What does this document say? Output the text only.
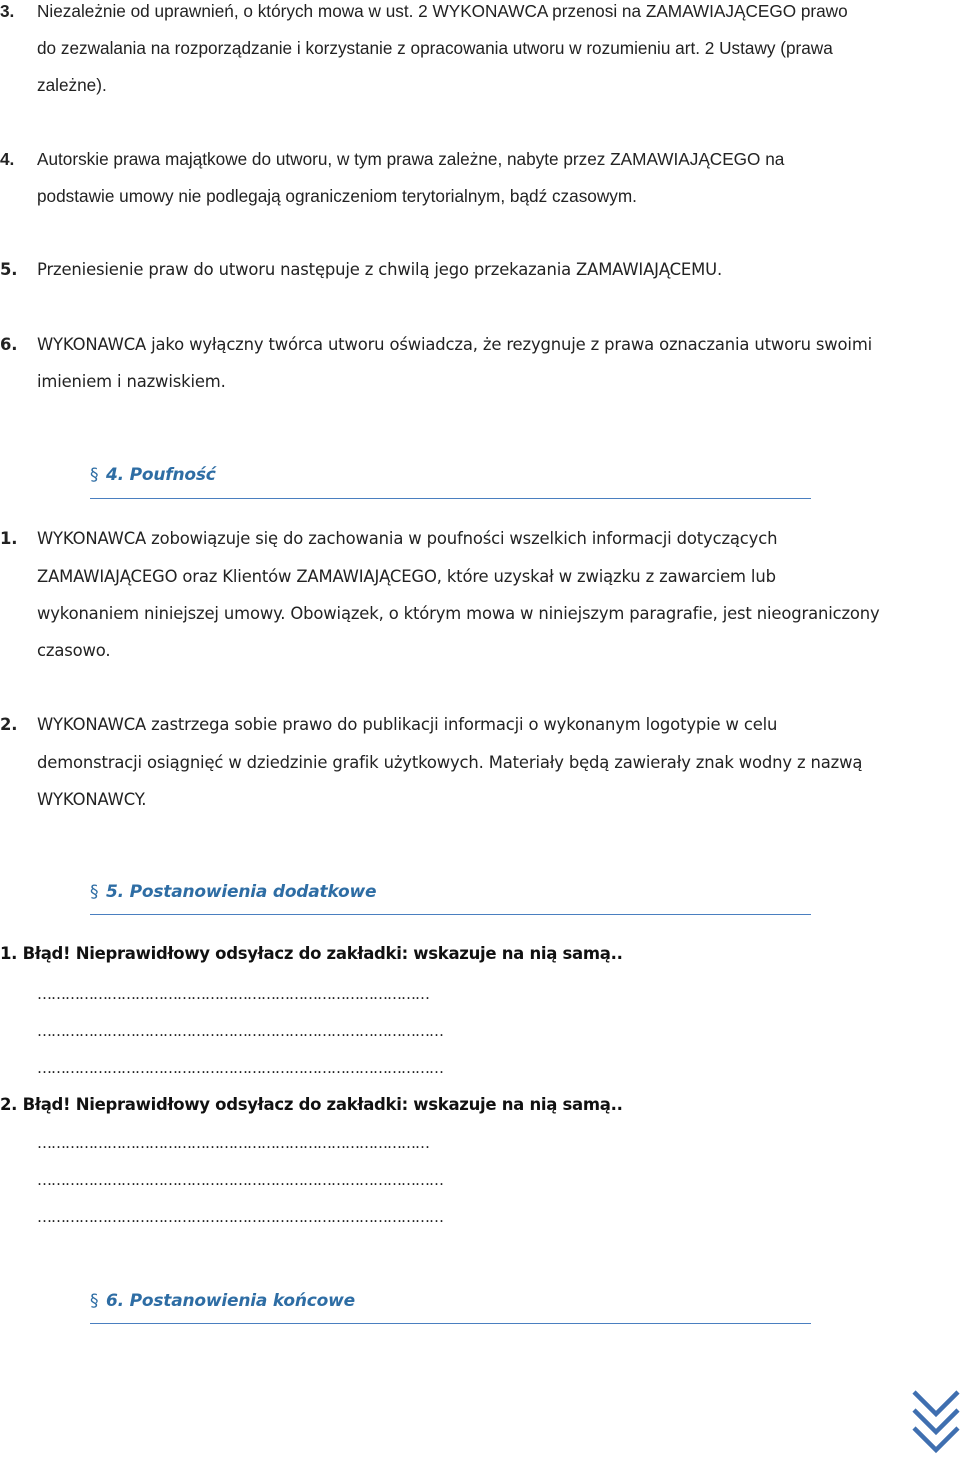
3. Niezależnie od uprawnień, o których mowa w ust. 2 WYKONAWCA przenosi na ZAMAWIAJĄCEGO prawo
do zezwalania na rozporządzanie i korzystanie z opracowania utworu w rozumieniu art. 2 Ustawy (prawa
zależne).
4. Autorskie prawa majątkowe do utworu, w tym prawa zależne, nabyte przez ZAMAWIAJĄCEGO na
podstawie umowy nie podlegają ograniczeniom terytorialnym, bądź czasowym.
5. Przeniesienie praw do utworu następuje z chwilą jego przekazania ZAMAWIAJĄCEMU.
6. WYKONAWCA jako wyłączny twórca utworu oświadcza, że rezygnuje z prawa oznaczania utworu swoimi
imieniem i nazwiskiem.
§ 4. Poufność
1. WYKONAWCA zobowiązuje się do zachowania w poufności wszelkich informacji dotyczących
ZAMAWIAJĄCEGO oraz Klientów ZAMAWIAJĄCEGO, które uzyskał w związku z zawarciem lub
wykonaniem niniejszej umowy. Obowiązek, o którym mowa w niniejszym paragrafie, jest nieograniczony
czasowo.
2. WYKONAWCA zastrzega sobie prawo do publikacji informacji o wykonanym logotypie w celu
demonstracji osiągnięć w dziedzinie grafik użytkowych. Materiały będą zawierały znak wodny z nazwą
WYKONAWCY.
§ 5. Postanowienia dodatkowe
1. Błąd! Nieprawidłowy odsyłacz do zakładki: wskazuje na nią samą..
…………………………………………………………………………
……………………………………………………………………………
……………………………………………………………………………
2. Błąd! Nieprawidłowy odsyłacz do zakładki: wskazuje na nią samą..
…………………………………………………………………………
……………………………………………………………………………
……………………………………………………………………………
§ 6. Postanowienia końcowe
